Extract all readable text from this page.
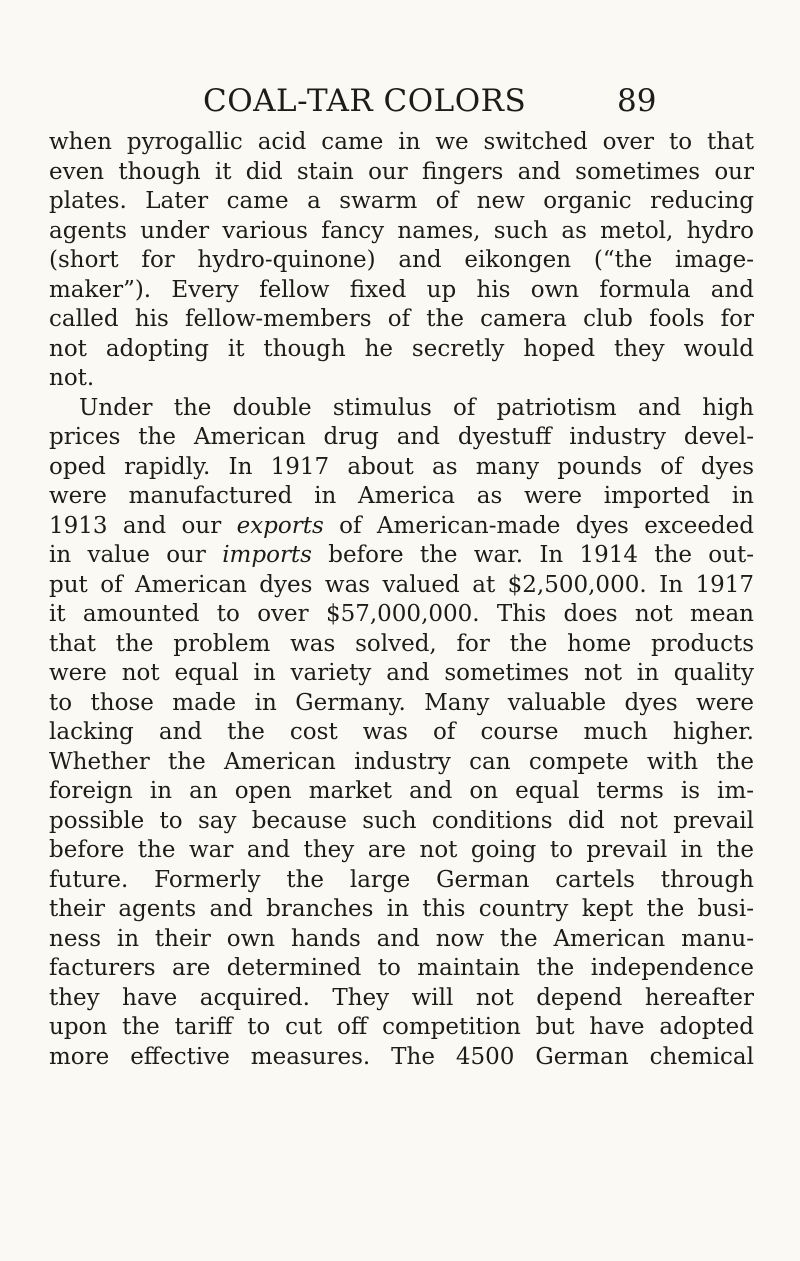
COAL-TAR COLORS	89
when pyrogallic acid came in we switched over to that
even though it did stain our fingers and sometimes our
plates. Later came a swarm of new organic reducing
agents under various fancy names, such as metol, hydro
(short for hydro-quinone) and eikongen (“the image-
maker”). Every fellow fixed up his own formula and
called his fellow-members of the camera club fools for
not adopting it though he secretly hoped they would
not.
Under the double stimulus of patriotism and high
prices the American drug and dyestuff industry devel-
oped rapidly. In 1917 about as many pounds of dyes
were manufactured in America as were imported in
1913 and our exports of American-made dyes exceeded
in value our imports before the war. In 1914 the out-
put of American dyes was valued at $2,500,000. In 1917
it amounted to over $57,000,000. This does not mean
that the problem was solved, for the home products
were not equal in variety and sometimes not in quality
to those made in Germany. Many valuable dyes were
lacking and the cost was of course much higher.
Whether the American industry can compete with the
foreign in an open market and on equal terms is im-
possible to say because such conditions did not prevail
before the war and they are not going to prevail in the
future. Formerly the large German cartels through
their agents and branches in this country kept the busi-
ness in their own hands and now the American manu-
facturers are determined to maintain the independence
they have acquired. They will not depend hereafter
upon the tariff to cut off competition but have adopted
more effective measures. The 4500 German chemical
